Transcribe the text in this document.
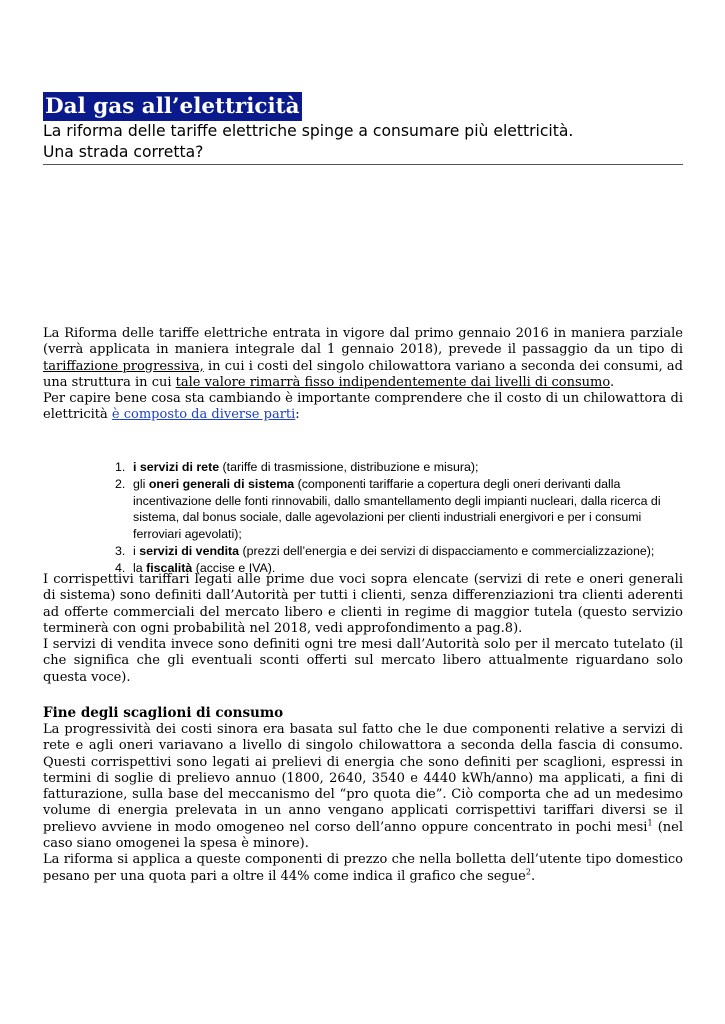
Dal gas all’elettricità
La riforma delle tariffe elettriche spinge a consumare più elettricità.
Una strada corretta?

La Riforma delle tariffe elettriche entrata in vigore dal primo gennaio 2016 in maniera parziale (verrà applicata in maniera integrale dal 1 gennaio 2018), prevede il passaggio da un tipo di tariffazione progressiva, in cui i costi del singolo chilowattora variano a seconda dei consumi, ad una struttura in cui tale valore rimarrà fisso indipendentemente dai livelli di consumo.

Per capire bene cosa sta cambiando è importante comprendere che il costo di un chilowattora di elettricità è composto da diverse parti:

1. i servizi di rete (tariffe di trasmissione, distribuzione e misura);
2. gli oneri generali di sistema (componenti tariffarie a copertura degli oneri derivanti dalla incentivazione delle fonti rinnovabili, dallo smantellamento degli impianti nucleari, dalla ricerca di sistema, dal bonus sociale, dalle agevolazioni per clienti industriali energivori e per i consumi ferroviari agevolati);
3. i servizi di vendita (prezzi dell’energia e dei servizi di dispacciamento e commercializzazione);
4. la fiscalità (accise e IVA).

I corrispettivi tariffari legati alle prime due voci sopra elencate (servizi di rete e oneri generali di sistema) sono definiti dall’Autorità per tutti i clienti, senza differenziazioni tra clienti aderenti ad offerte commerciali del mercato libero e clienti in regime di maggior tutela (questo servizio terminerà con ogni probabilità nel 2018, vedi approfondimento a pag.8).

I servizi di vendita invece sono definiti ogni tre mesi dall’Autorità solo per il mercato tutelato (il che significa che gli eventuali sconti offerti sul mercato libero attualmente riguardano solo questa voce).

Fine degli scaglioni di consumo

La progressività dei costi sinora era basata sul fatto che le due componenti relative a servizi di rete e agli oneri variavano a livello di singolo chilowattora a seconda della fascia di consumo. Questi corrispettivi sono legati ai prelievi di energia che sono definiti per scaglioni, espressi in termini di soglie di prelievo annuo (1800, 2640, 3540 e 4440 kWh/anno) ma applicati, a fini di fatturazione, sulla base del meccanismo del “pro quota die”. Ciò comporta che ad un medesimo volume di energia prelevata in un anno vengano applicati corrispettivi tariffari diversi se il prelievo avviene in modo omogeneo nel corso dell’anno oppure concentrato in pochi mesi$^1$ (nel caso siano omogenei la spesa è minore).

La riforma si applica a queste componenti di prezzo che nella bolletta dell’utente tipo domestico pesano per una quota pari a oltre il 44% come indica il grafico che segue$^2$.
